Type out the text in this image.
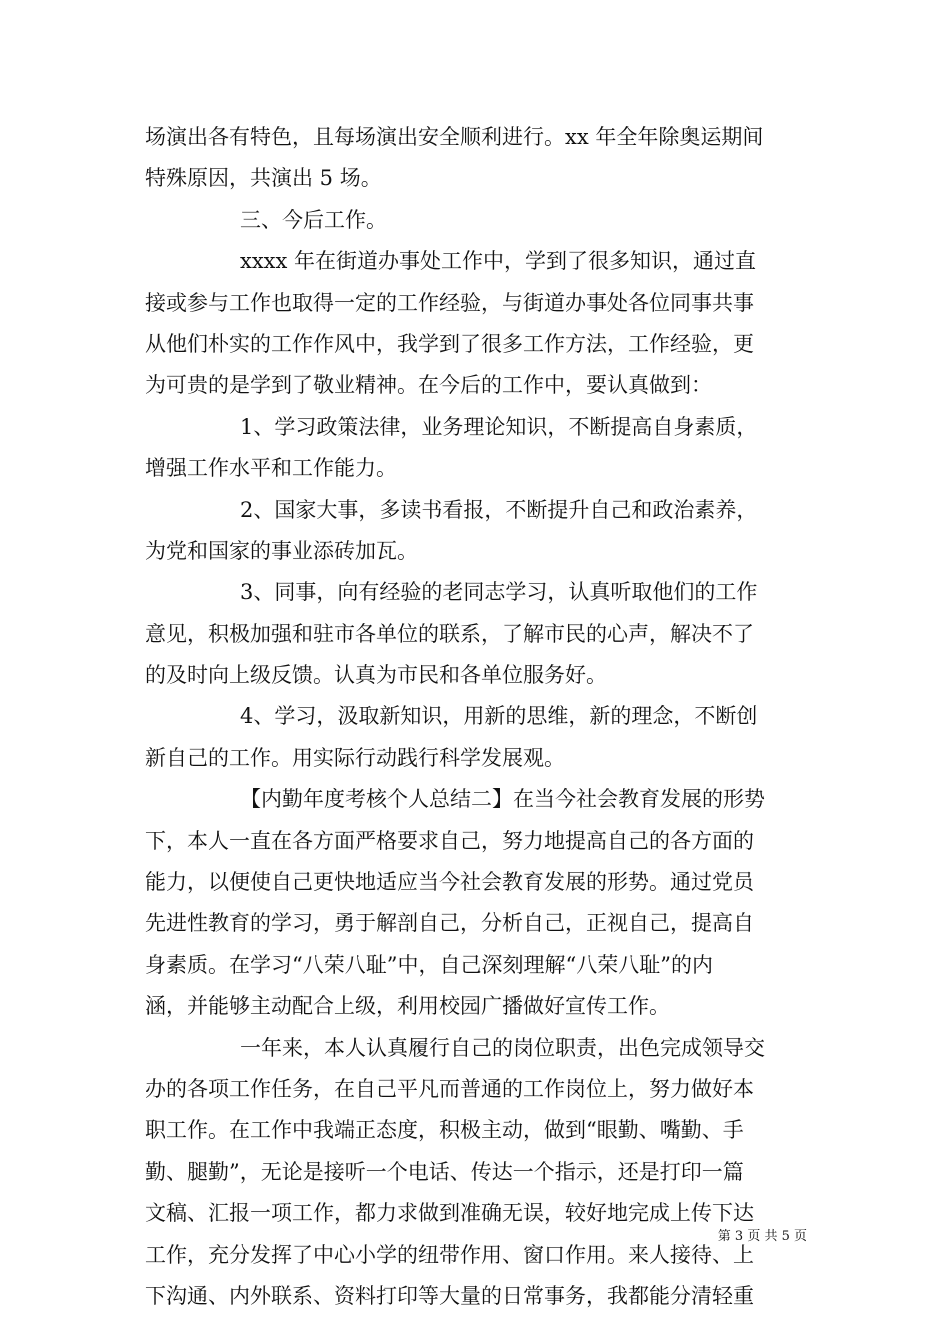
场演出各有特色，且每场演出安全顺利进行。xx 年全年除奥运期间
特殊原因，共演出 5 场。
三、今后工作。
xxxx 年在街道办事处工作中，学到了很多知识，通过直
接或参与工作也取得一定的工作经验，与街道办事处各位同事共事
从他们朴实的工作作风中，我学到了很多工作方法，工作经验，更
为可贵的是学到了敬业精神。在今后的工作中，要认真做到：
1、学习政策法律，业务理论知识，不断提高自身素质，
增强工作水平和工作能力。
2、国家大事，多读书看报，不断提升自己和政治素养，
为党和国家的事业添砖加瓦。
3、同事，向有经验的老同志学习，认真听取他们的工作
意见，积极加强和驻市各单位的联系，了解市民的心声，解决不了
的及时向上级反馈。认真为市民和各单位服务好。
4、学习，汲取新知识，用新的思维，新的理念，不断创
新自己的工作。用实际行动践行科学发展观。
【内勤年度考核个人总结二】在当今社会教育发展的形势
下，本人一直在各方面严格要求自己，努力地提高自己的各方面的
能力，以便使自己更快地适应当今社会教育发展的形势。通过党员
先进性教育的学习，勇于解剖自己，分析自己，正视自己，提高自
身素质。在学习“八荣八耻”中，自己深刻理解“八荣八耻”的内
涵，并能够主动配合上级，利用校园广播做好宣传工作。
一年来，本人认真履行自己的岗位职责，出色完成领导交
办的各项工作任务，在自己平凡而普通的工作岗位上，努力做好本
职工作。在工作中我端正态度，积极主动，做到“眼勤、嘴勤、手
勤、腿勤”，无论是接听一个电话、传达一个指示，还是打印一篇
文稿、汇报一项工作，都力求做到准确无误，较好地完成上传下达
工作，充分发挥了中心小学的纽带作用、窗口作用。来人接待、上
下沟通、内外联系、资料打印等大量的日常事务，我都能分清轻重
第 3 页 共 5 页
